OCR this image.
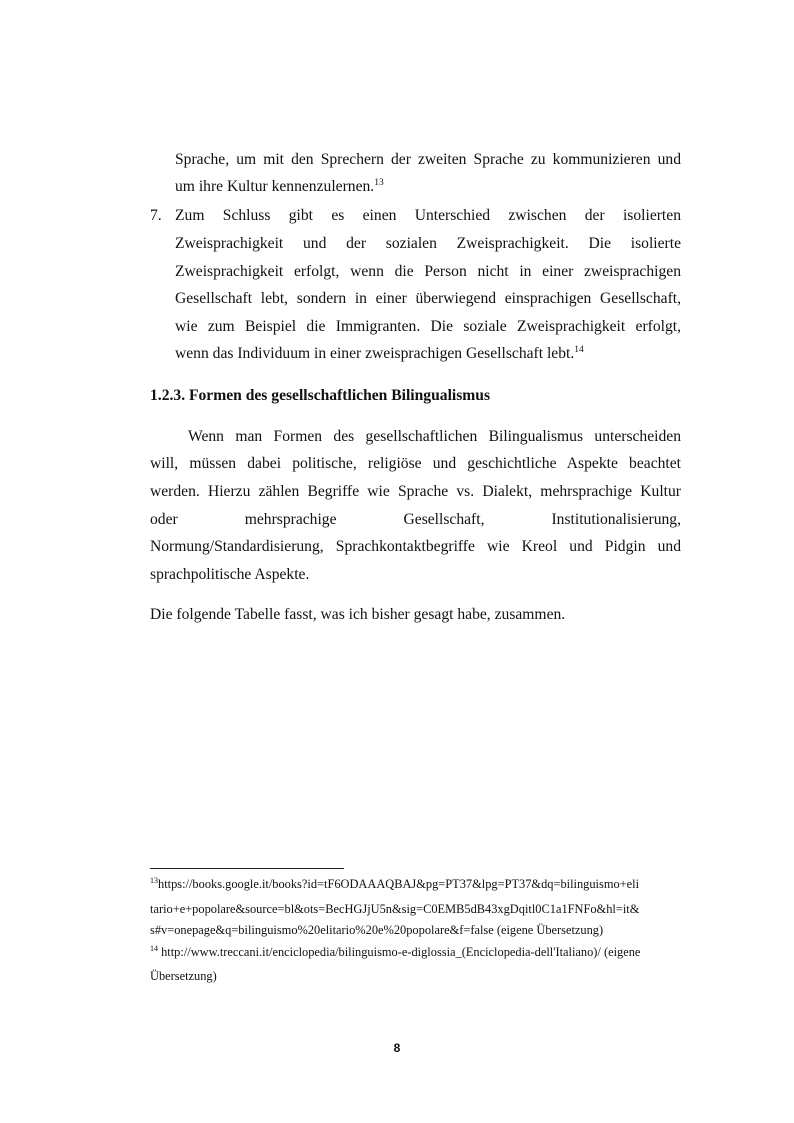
Sprache, um mit den Sprechern der zweiten Sprache zu kommunizieren und
um ihre Kultur kennenzulernen.$^{13}$
7. Zum Schluss gibt es einen Unterschied zwischen der isolierten
Zweisprachigkeit und der sozialen Zweisprachigkeit. Die isolierte
Zweisprachigkeit erfolgt, wenn die Person nicht in einer zweisprachigen
Gesellschaft lebt, sondern in einer überwiegend einsprachigen Gesellschaft,
wie zum Beispiel die Immigranten. Die soziale Zweisprachigkeit erfolgt,
wenn das Individuum in einer zweisprachigen Gesellschaft lebt.$^{14}$
1.2.3. Formen des gesellschaftlichen Bilingualismus
Wenn man Formen des gesellschaftlichen Bilingualismus unterscheiden
will, müssen dabei politische, religiöse und geschichtliche Aspekte beachtet
werden. Hierzu zählen Begriffe wie Sprache vs. Dialekt, mehrsprachige Kultur
oder mehrsprachige Gesellschaft, Institutionalisierung,
Normung/Standardisierung, Sprachkontaktbegriffe wie Kreol und Pidgin und
sprachpolitische Aspekte.
Die folgende Tabelle fasst, was ich bisher gesagt habe, zusammen.
$^{13}$https://books.google.it/books?id=tF6ODAAAQBAJ&pg=PT37&lpg=PT37&dq=bilinguismo+eli
tario+e+popolare&source=bl&ots=BecHGJjU5n&sig=C0EMB5dB43xgDqitl0C1a1FNFo&hl=it&
s#v=onepage&q=bilinguismo%20elitario%20e%20popolare&f=false (eigene Übersetzung)
$^{14}$ http://www.treccani.it/enciclopedia/bilinguismo-e-diglossia_(Enciclopedia-dell'Italiano)/ (eigene
Übersetzung)
8
